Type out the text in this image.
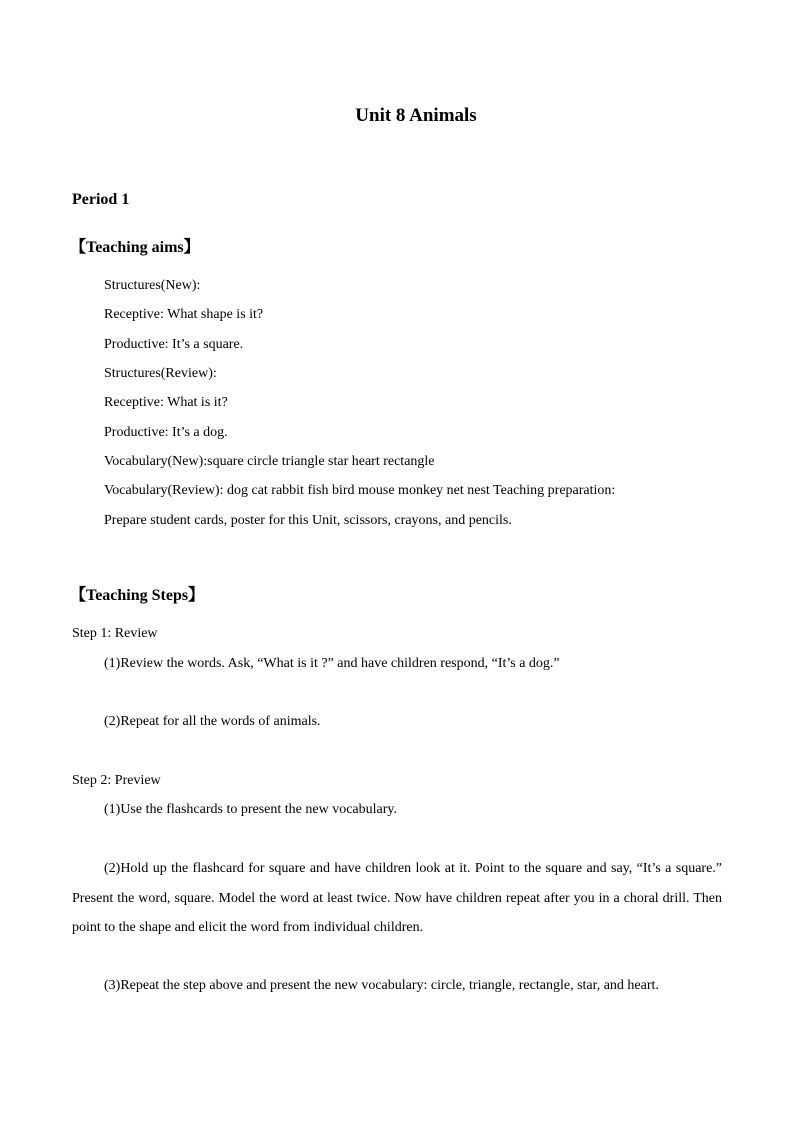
Unit 8 Animals
Period 1
【Teaching aims】
Structures(New):
Receptive: What shape is it?
Productive: It’s a square.
Structures(Review):
Receptive: What is it?
Productive: It’s a dog.
Vocabulary(New):square circle triangle star heart rectangle
Vocabulary(Review): dog cat rabbit fish bird mouse monkey net nest Teaching preparation:
Prepare student cards, poster for this Unit, scissors, crayons, and pencils.
【Teaching Steps】
Step 1: Review
(1)Review the words. Ask, “What is it ?” and have children respond, “It’s a dog.”
(2)Repeat for all the words of animals.
Step 2: Preview
(1)Use the flashcards to present the new vocabulary.
(2)Hold up the flashcard for square and have children look at it. Point to the square and say, “It’s a square.” Present the word, square. Model the word at least twice. Now have children repeat after you in a choral drill. Then point to the shape and elicit the word from individual children.
(3)Repeat the step above and present the new vocabulary: circle, triangle, rectangle, star, and heart.
